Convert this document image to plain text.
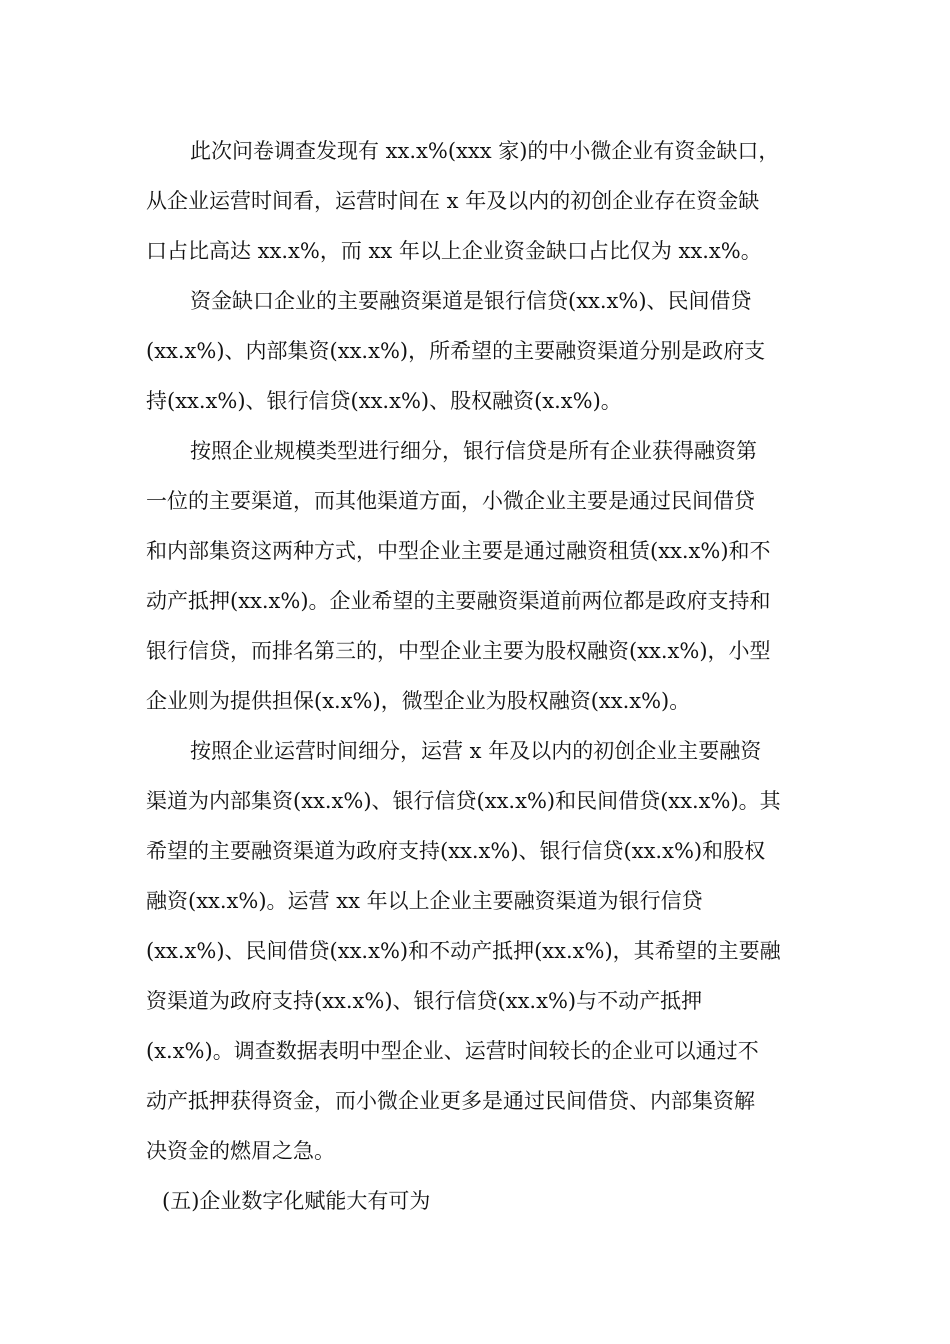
此次问卷调查发现有 xx.x%(xxx 家)的中小微企业有资金缺口，
从企业运营时间看，运营时间在 x 年及以内的初创企业存在资金缺
口占比高达 xx.x%，而 xx 年以上企业资金缺口占比仅为 xx.x%。
资金缺口企业的主要融资渠道是银行信贷(xx.x%)、民间借贷
(xx.x%)、内部集资(xx.x%)，所希望的主要融资渠道分别是政府支
持(xx.x%)、银行信贷(xx.x%)、股权融资(x.x%)。
按照企业规模类型进行细分，银行信贷是所有企业获得融资第
一位的主要渠道，而其他渠道方面，小微企业主要是通过民间借贷
和内部集资这两种方式，中型企业主要是通过融资租赁(xx.x%)和不
动产抵押(xx.x%)。企业希望的主要融资渠道前两位都是政府支持和
银行信贷，而排名第三的，中型企业主要为股权融资(xx.x%)，小型
企业则为提供担保(x.x%)，微型企业为股权融资(xx.x%)。
按照企业运营时间细分，运营 x 年及以内的初创企业主要融资
渠道为内部集资(xx.x%)、银行信贷(xx.x%)和民间借贷(xx.x%)。其
希望的主要融资渠道为政府支持(xx.x%)、银行信贷(xx.x%)和股权
融资(xx.x%)。运营 xx 年以上企业主要融资渠道为银行信贷
(xx.x%)、民间借贷(xx.x%)和不动产抵押(xx.x%)，其希望的主要融
资渠道为政府支持(xx.x%)、银行信贷(xx.x%)与不动产抵押
(x.x%)。调查数据表明中型企业、运营时间较长的企业可以通过不
动产抵押获得资金，而小微企业更多是通过民间借贷、内部集资解
决资金的燃眉之急。
(五)企业数字化赋能大有可为
